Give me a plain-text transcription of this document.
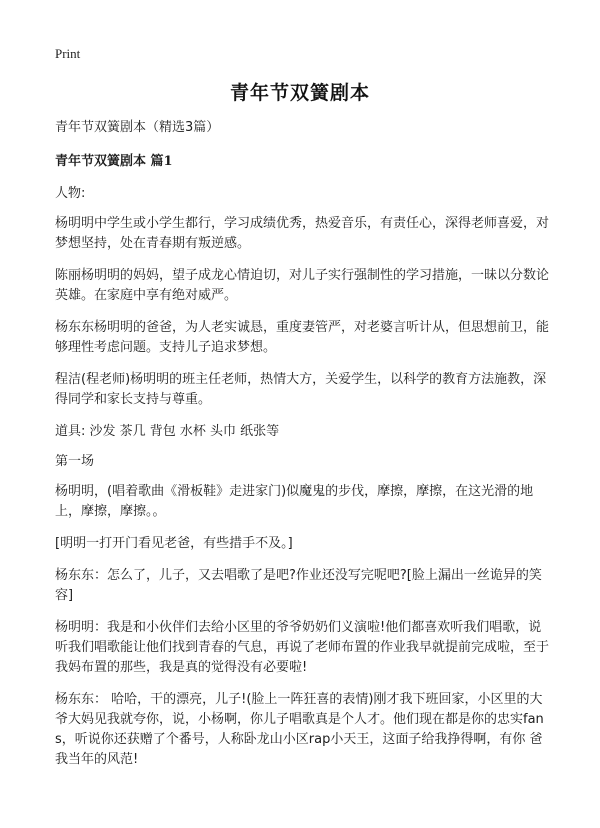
Print
青年节双簧剧本

青年节双簧剧本（精选3篇）

青年节双簧剧本 篇1

人物:

杨明明中学生或小学生都行，学习成绩优秀，热爱音乐，有责任心，深得老师喜爱，对梦想坚持，处在青春期有叛逆感。

陈丽杨明明的妈妈，望子成龙心情迫切，对儿子实行强制性的学习措施，一昧以分数论英雄。在家庭中享有绝对威严。

杨东东杨明明的爸爸，为人老实诚恳，重度妻管严，对老婆言听计从，但思想前卫，能够理性考虑问题。支持儿子追求梦想。

程洁(程老师)杨明明的班主任老师，热情大方，关爱学生，以科学的教育方法施教，深得同学和家长支持与尊重。

道具: 沙发 茶几 背包 水杯 头巾 纸张等

第一场

杨明明，(唱着歌曲《滑板鞋》走进家门)似魔鬼的步伐，摩擦，摩擦，在这光滑的地上，摩擦，摩擦。。

[明明一打开门看见老爸，有些措手不及。]

杨东东：怎么了，儿子，又去唱歌了是吧?作业还没写完呢吧?[脸上漏出一丝诡异的笑容]

杨明明：我是和小伙伴们去给小区里的爷爷奶奶们义演啦!他们都喜欢听我们唱歌，说听我们唱歌能让他们找到青春的气息，再说了老师布置的作业我早就提前完成啦，至于我妈布置的那些，我是真的觉得没有必要啦!

杨东东： 哈哈，干的漂亮，儿子!(脸上一阵狂喜的表情)刚才我下班回家，小区里的大爷大妈见我就夸你，说，小杨啊，你儿子唱歌真是个人才。他们现在都是你的忠实fans，听说你还获赠了个番号，人称卧龙山小区rap小天王，这面子给我挣得啊，有你 爸我当年的风范!
